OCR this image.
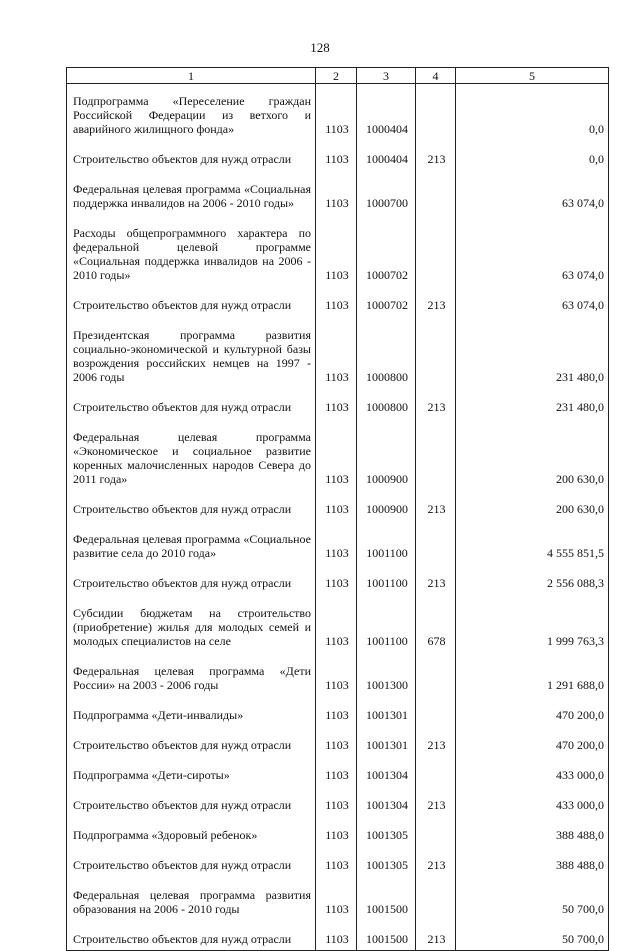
128
1	2	3	4	5
Подпрограмма «Переселение граждан Российской Федерации из ветхого и аварийного жилищного фонда»	1103	1000404		0,0
Строительство объектов для нужд отрасли	1103	1000404	213	0,0
Федеральная целевая программа «Социальная поддержка инвалидов на 2006 - 2010 годы»	1103	1000700		63 074,0
Расходы общепрограммного характера по федеральной целевой программе «Социальная поддержка инвалидов на 2006 - 2010 годы»	1103	1000702		63 074,0
Строительство объектов для нужд отрасли	1103	1000702	213	63 074,0
Президентская программа развития социально-экономической и культурной базы возрождения российских немцев на 1997 - 2006 годы	1103	1000800		231 480,0
Строительство объектов для нужд отрасли	1103	1000800	213	231 480,0
Федеральная целевая программа «Экономическое и социальное развитие коренных малочисленных народов Севера до 2011 года»	1103	1000900		200 630,0
Строительство объектов для нужд отрасли	1103	1000900	213	200 630,0
Федеральная целевая программа «Социальное развитие села до 2010 года»	1103	1001100		4 555 851,5
Строительство объектов для нужд отрасли	1103	1001100	213	2 556 088,3
Субсидии бюджетам на строительство (приобретение) жилья для молодых семей и молодых специалистов на селе	1103	1001100	678	1 999 763,3
Федеральная целевая программа «Дети России» на 2003 - 2006 годы	1103	1001300		1 291 688,0
Подпрограмма «Дети-инвалиды»	1103	1001301		470 200,0
Строительство объектов для нужд отрасли	1103	1001301	213	470 200,0
Подпрограмма «Дети-сироты»	1103	1001304		433 000,0
Строительство объектов для нужд отрасли	1103	1001304	213	433 000,0
Подпрограмма «Здоровый ребенок»	1103	1001305		388 488,0
Строительство объектов для нужд отрасли	1103	1001305	213	388 488,0
Федеральная целевая программа развития образования на 2006 - 2010 годы	1103	1001500		50 700,0
Строительство объектов для нужд отрасли	1103	1001500	213	50 700,0
